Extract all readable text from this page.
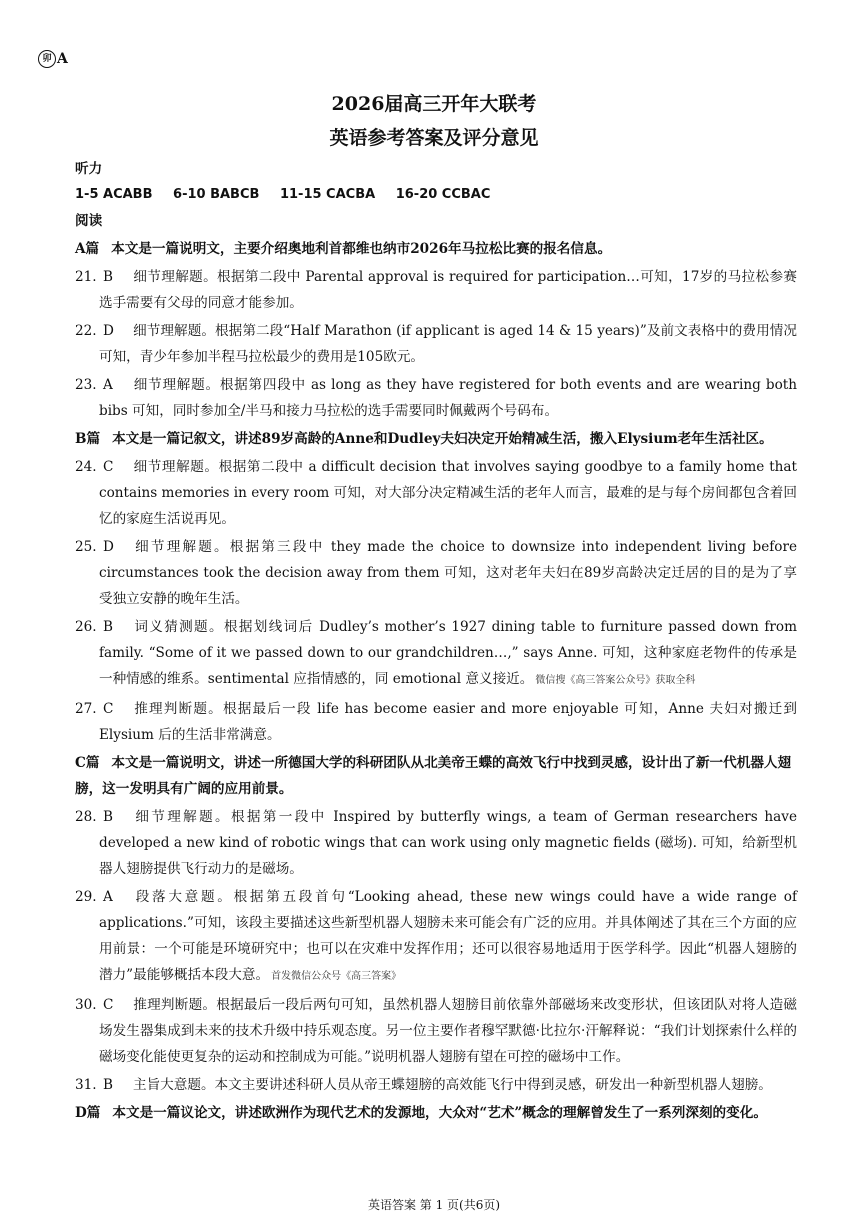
卯 A
2026届高三开年大联考
英语参考答案及评分意见
听力
1-5 ACABB 6-10 BABCB 11-15 CACBA 16-20 CCBAC
阅读
A篇 本文是一篇说明文，主要介绍奥地利首都维也纳市2026年马拉松比赛的报名信息。
21. B 细节理解题。根据第二段中 Parental approval is required for participation…可知，17岁的马拉松参赛选手需要有父母的同意才能参加。
22. D 细节理解题。根据第二段“Half Marathon (if applicant is aged 14 & 15 years)”及前文表格中的费用情况可知，青少年参加半程马拉松最少的费用是105欧元。
23. A 细节理解题。根据第四段中 as long as they have registered for both events and are wearing both bibs 可知，同时参加全/半马和接力马拉松的选手需要同时佩戴两个号码布。
B篇 本文是一篇记叙文，讲述89岁高龄的Anne和Dudley夫妇决定开始精减生活，搬入Elysium老年生活社区。
24. C 细节理解题。根据第二段中 a difficult decision that involves saying goodbye to a family home that contains memories in every room 可知，对大部分决定精减生活的老年人而言，最难的是与每个房间都包含着回忆的家庭生活说再见。
25. D 细节理解题。根据第三段中 they made the choice to downsize into independent living before circumstances took the decision away from them 可知，这对老年夫妇在89岁高龄决定迁居的目的是为了享受独立安静的晚年生活。
26. B 词义猜测题。根据划线词后 Dudley’s mother’s 1927 dining table to furniture passed down from family. “Some of it we passed down to our grandchildren…,” says Anne. 可知，这种家庭老物件的传承是一种情感的维系。sentimental 应指情感的，同 emotional 意义接近。 微信搜《高三答案公众号》获取全科
27. C 推理判断题。根据最后一段 life has become easier and more enjoyable 可知，Anne 夫妇对搬迁到 Elysium 后的生活非常满意。
C篇 本文是一篇说明文，讲述一所德国大学的科研团队从北美帝王蝶的高效飞行中找到灵感，设计出了新一代机器人翅膀，这一发明具有广阔的应用前景。
28. B 细节理解题。根据第一段中 Inspired by butterfly wings, a team of German researchers have developed a new kind of robotic wings that can work using only magnetic fields (磁场). 可知，给新型机器人翅膀提供飞行动力的是磁场。
29. A 段落大意题。根据第五段首句“Looking ahead, these new wings could have a wide range of applications.”可知，该段主要描述这些新型机器人翅膀未来可能会有广泛的应用。并具体阐述了其在三个方面的应用前景：一个可能是环境研究中；也可以在灾难中发挥作用；还可以很容易地适用于医学科学。因此“机器人翅膀的潜力”最能够概括本段大意。 首发微信公众号《高三答案》
30. C 推理判断题。根据最后一段后两句可知，虽然机器人翅膀目前依靠外部磁场来改变形状，但该团队对将人造磁场发生器集成到未来的技术升级中持乐观态度。另一位主要作者穆罕默德·比拉尔·汗解释说：“我们计划探索什么样的磁场变化能使更复杂的运动和控制成为可能。”说明机器人翅膀有望在可控的磁场中工作。
31. B 主旨大意题。本文主要讲述科研人员从帝王蝶翅膀的高效能飞行中得到灵感，研发出一种新型机器人翅膀。
D篇 本文是一篇议论文，讲述欧洲作为现代艺术的发源地，大众对“艺术”概念的理解曾发生了一系列深刻的变化。
英语答案 第 1 页(共6页)
